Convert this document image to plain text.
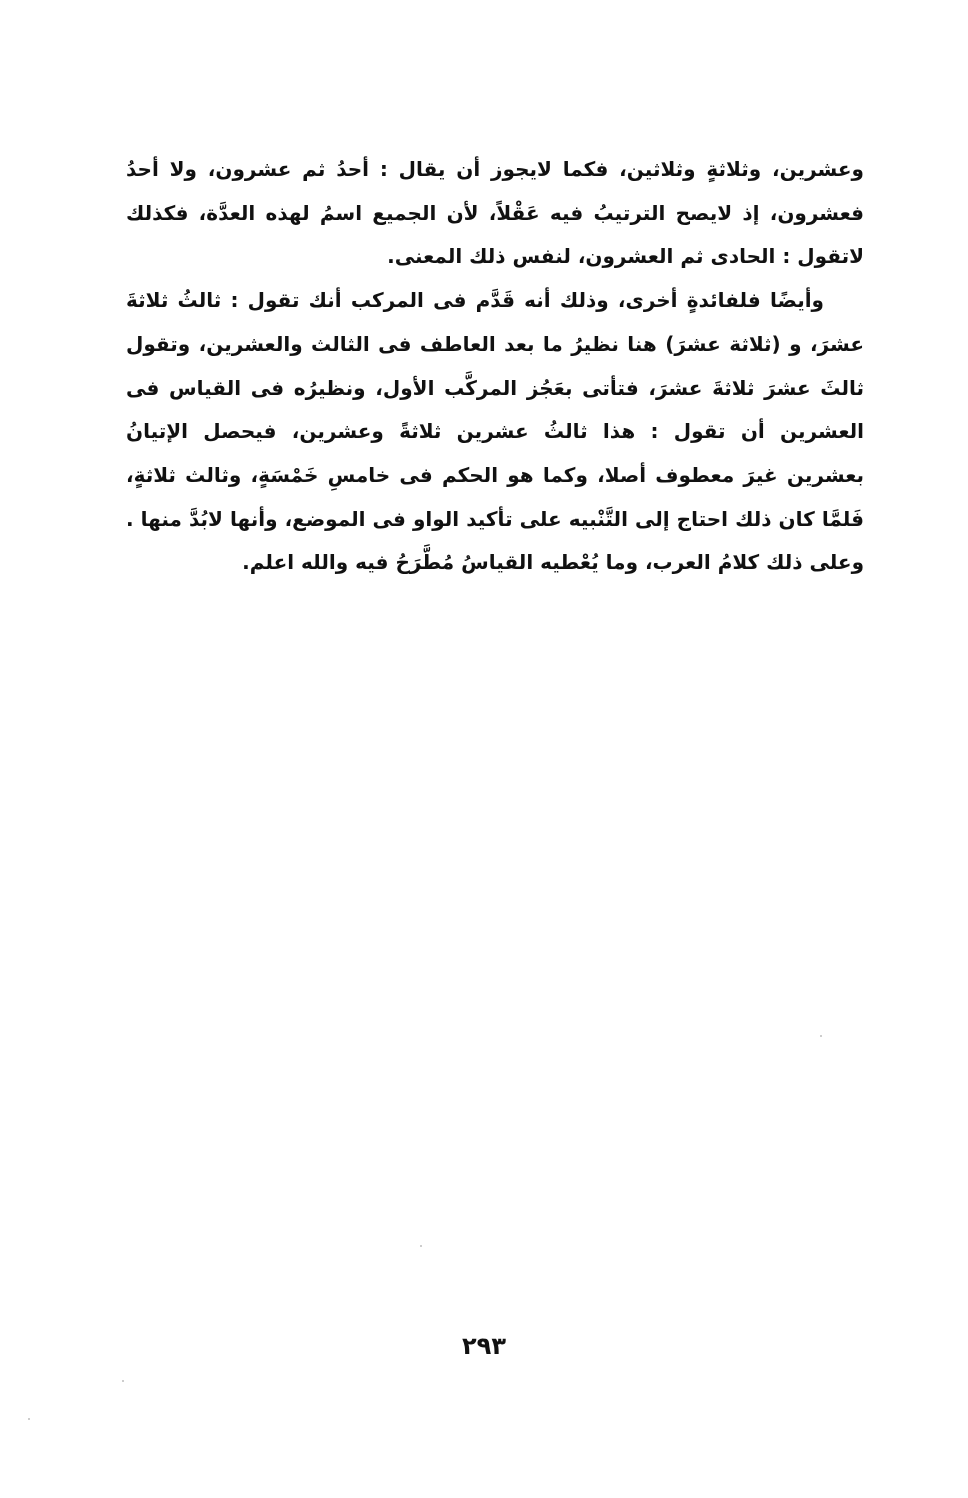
وعشرين، وثلاثةٍ وثلاثين، فكما لايجوز أن يقال : أحدُ ثم عشرون، ولا أحدُ فعشرون، إذ لايصح الترتيبُ فيه عَقْلاً، لأن الجميع اسمُ لهذه العدَّة، فكذلك لاتقول : الحادى ثم العشرون، لنفس ذلك المعنى.

وأيضًا فلفائدةٍ أخرى، وذلك أنه قَدَّم فى المركب أنك تقول : ثالثُ ثلاثةَ عشرَ، و (ثلاثة عشرَ) هنا نظيرُ ما بعد العاطف فى الثالث والعشرين، وتقول ثالثَ عشرَ ثلاثةَ عشرَ، فتأتى بعَجُز المركَّب الأول، ونظيرُه فى القياس فى العشرين أن تقول : هذا ثالثُ عشرين ثلاثةً وعشرين، فيحصل الإتيانُ بعشرين غيرَ معطوف أصلا، وكما هو الحكم فى خامسِ خَمْسَةٍ، وثالث ثلاثةٍ، فَلمَّا كان ذلك احتاج إلى التَّنْبيه على تأكيد الواو فى الموضع، وأنها لابُدَّ منها . وعلى ذلك كلامُ العرب، وما يُعْطيه القياسُ مُطَّرَحُ فيه والله اعلم.

٢٩٣
